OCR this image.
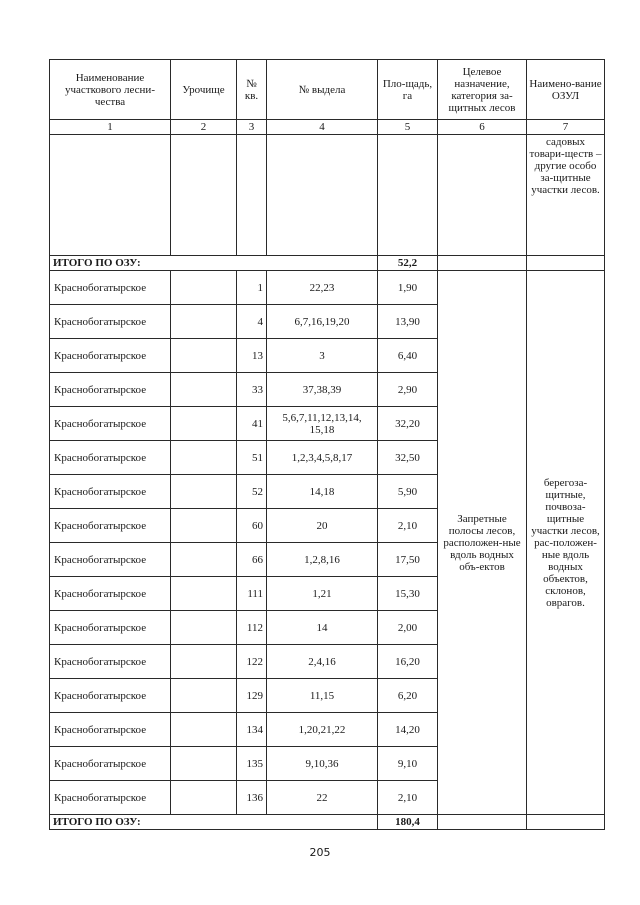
Наименование участкового лесни-чества	Урочище	№ кв.	№ выдела	Пло-щадь, га	Целевое назначение, категория за-щитных лесов	Наимено-вание ОЗУЛ
1	2	3	4	5	6	7
						садовых товари-ществ – другие особо за-щитные участки лесов.
ИТОГО ПО ОЗУ:				52,2		
Краснобогатырское		1	22,23	1,90	Запретные полосы лесов, расположен-ные вдоль водных объ-ектов	берегоза-щитные, почвоза-щитные участки лесов, рас-положен-ные вдоль водных объектов, склонов, оврагов.
Краснобогатырское		4	6,7,16,19,20	13,90		
Краснобогатырское		13	3	6,40		
Краснобогатырское		33	37,38,39	2,90		
Краснобогатырское		41	5,6,7,11,12,13,14, 15,18	32,20		
Краснобогатырское		51	1,2,3,4,5,8,17	32,50		
Краснобогатырское		52	14,18	5,90		
Краснобогатырское		60	20	2,10		
Краснобогатырское		66	1,2,8,16	17,50		
Краснобогатырское		111	1,21	15,30		
Краснобогатырское		112	14	2,00		
Краснобогатырское		122	2,4,16	16,20		
Краснобогатырское		129	11,15	6,20		
Краснобогатырское		134	1,20,21,22	14,20		
Краснобогатырское		135	9,10,36	9,10		
Краснобогатырское		136	22	2,10		
ИТОГО ПО ОЗУ:				180,4		
205
